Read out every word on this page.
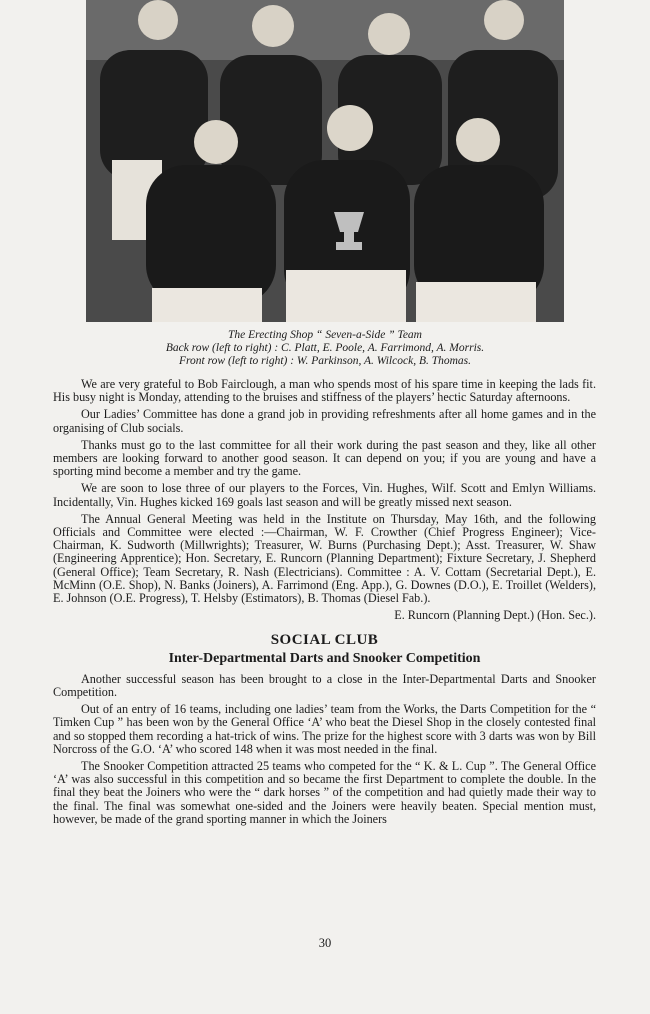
The Erecting Shop “ Seven-a-Side ” Team
Back row (left to right) : C. Platt, E. Poole, A. Farrimond, A. Morris.
Front row (left to right) : W. Parkinson, A. Wilcock, B. Thomas.

We are very grateful to Bob Fairclough, a man who spends most of his spare time in keeping the lads fit. His busy night is Monday, attending to the bruises and stiffness of the players’ hectic Saturday afternoons.

Our Ladies’ Committee has done a grand job in providing refreshments after all home games and in the organising of Club socials.

Thanks must go to the last committee for all their work during the past season and they, like all other members are looking forward to another good season. It can depend on you; if you are young and have a sporting mind become a member and try the game.

We are soon to lose three of our players to the Forces, Vin. Hughes, Wilf. Scott and Emlyn Williams. Incidentally, Vin. Hughes kicked 169 goals last season and will be greatly missed next season.

The Annual General Meeting was held in the Institute on Thursday, May 16th, and the following Officials and Committee were elected :—Chairman, W. F. Crowther (Chief Progress Engineer); Vice-Chairman, K. Sudworth (Millwrights); Treasurer, W. Burns (Purchasing Dept.); Asst. Treasurer, W. Shaw (Engineering Apprentice); Hon. Secretary, E. Runcorn (Planning Department); Fixture Secretary, J. Shepherd (General Office); Team Secretary, R. Nash (Electricians). Committee : A. V. Cottam (Secretarial Dept.), E. McMinn (O.E. Shop), N. Banks (Joiners), A. Farrimond (Eng. App.), G. Downes (D.O.), E. Troillet (Welders), E. Johnson (O.E. Progress), T. Helsby (Estimators), B. Thomas (Diesel Fab.).

E. Runcorn (Planning Dept.) (Hon. Sec.).
SOCIAL CLUB
Inter-Departmental Darts and Snooker Competition

Another successful season has been brought to a close in the Inter-Departmental Darts and Snooker Competition.

Out of an entry of 16 teams, including one ladies’ team from the Works, the Darts Competition for the “ Timken Cup ” has been won by the General Office ‘A’ who beat the Diesel Shop in the closely contested final and so stopped them recording a hat-trick of wins. The prize for the highest score with 3 darts was won by Bill Norcross of the G.O. ‘A’ who scored 148 when it was most needed in the final.

The Snooker Competition attracted 25 teams who competed for the “ K. & L. Cup ”. The General Office ‘A’ was also successful in this competition and so became the first Department to complete the double. In the final they beat the Joiners who were the “ dark horses ” of the competition and had quietly made their way to the final. The final was somewhat one-sided and the Joiners were heavily beaten. Special mention must, however, be made of the grand sporting manner in which the Joiners

30
